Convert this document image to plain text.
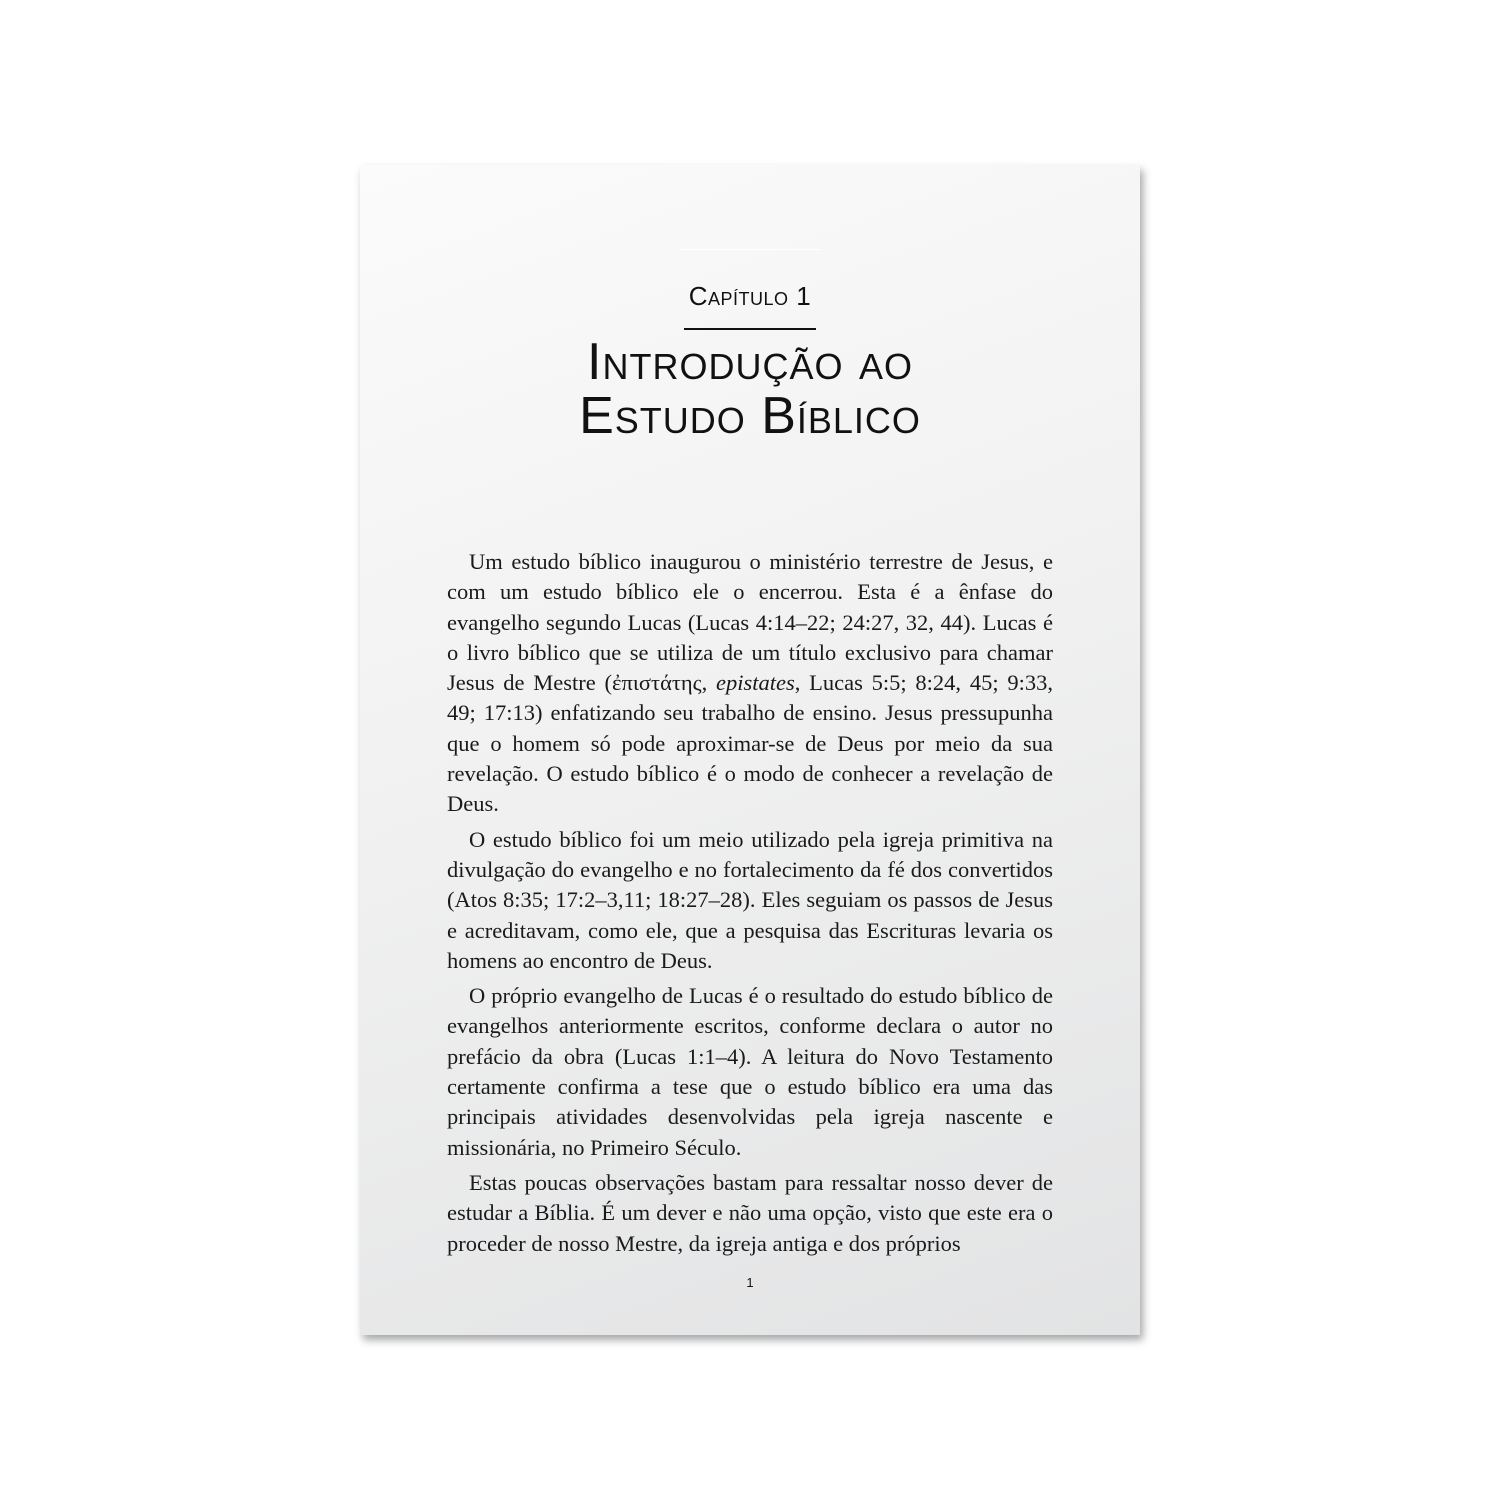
Capítulo 1
Introdução ao
Estudo Bíblico

Um estudo bíblico inaugurou o ministério terrestre de Jesus, e com um estudo bíblico ele o encerrou. Esta é a ênfase do evangelho segundo Lucas (Lucas 4:14–22; 24:27, 32, 44). Lucas é o livro bíblico que se utiliza de um título exclusivo para chamar Jesus de Mestre (ἐπιστάτης, epistates, Lucas 5:5; 8:24, 45; 9:33, 49; 17:13) enfatizando seu trabalho de ensino. Jesus pressupunha que o homem só pode aproximar-se de Deus por meio da sua revelação. O estudo bíblico é o modo de conhecer a revelação de Deus.

O estudo bíblico foi um meio utilizado pela igreja primitiva na divulgação do evangelho e no fortalecimento da fé dos convertidos (Atos 8:35; 17:2–3,11; 18:27–28). Eles seguiam os passos de Jesus e acreditavam, como ele, que a pesquisa das Escrituras levaria os homens ao encontro de Deus.

O próprio evangelho de Lucas é o resultado do estudo bíblico de evangelhos anteriormente escritos, conforme declara o autor no prefácio da obra (Lucas 1:1–4). A leitura do Novo Testamento certamente confirma a tese que o estudo bíblico era uma das principais atividades desenvolvidas pela igreja nascente e missionária, no Primeiro Século.

Estas poucas observações bastam para ressaltar nosso dever de estudar a Bíblia. É um dever e não uma opção, visto que este era o proceder de nosso Mestre, da igreja antiga e dos próprios

1
